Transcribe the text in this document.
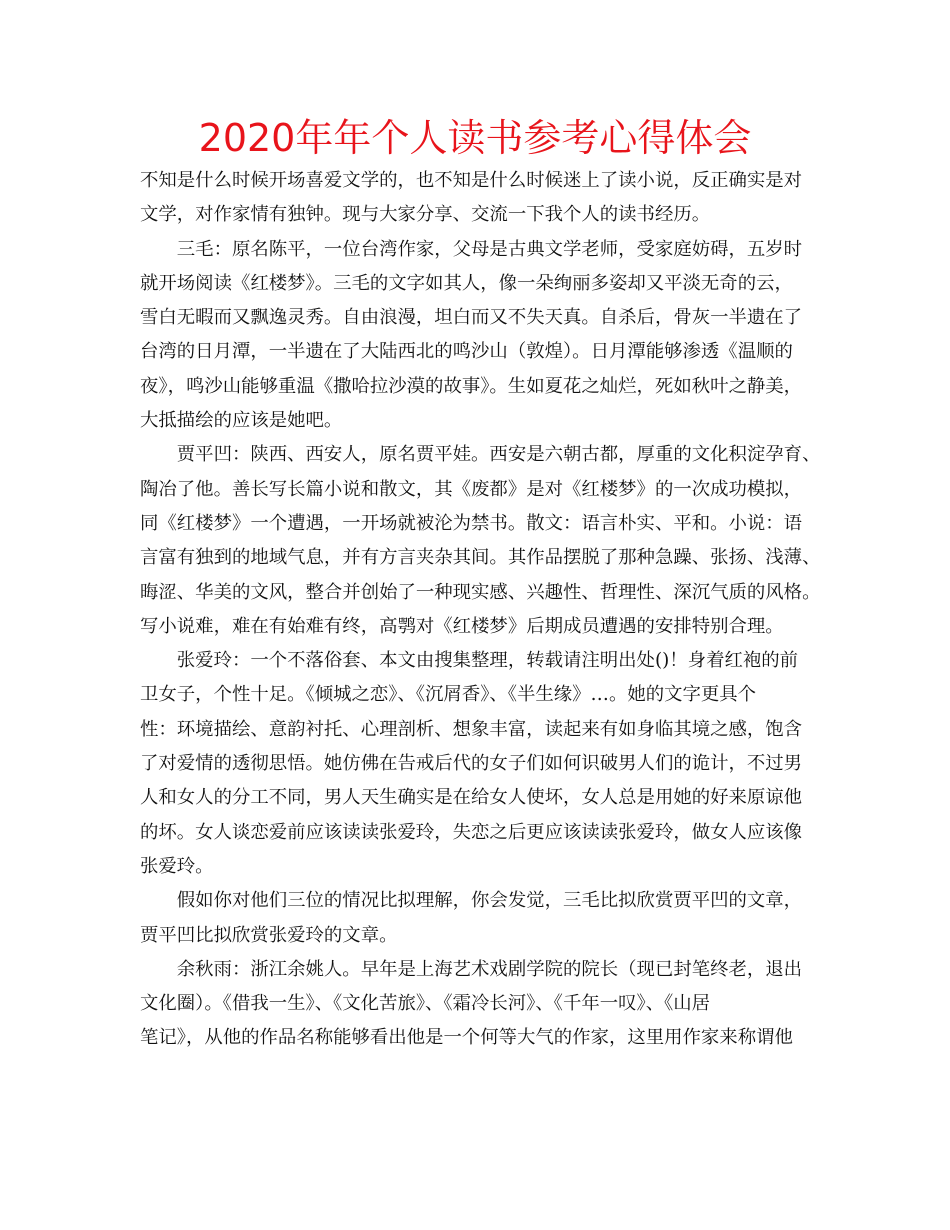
2020年年个人读书参考心得体会
不知是什么时候开场喜爱文学的，也不知是什么时候迷上了读小说，反正确实是对
文学，对作家情有独钟。现与大家分享、交流一下我个人的读书经历。
　　三毛：原名陈平，一位台湾作家，父母是古典文学老师，受家庭妨碍，五岁时
就开场阅读《红楼梦》。三毛的文字如其人，像一朵绚丽多姿却又平淡无奇的云，
雪白无暇而又飘逸灵秀。自由浪漫，坦白而又不失天真。自杀后，骨灰一半遗在了
台湾的日月潭，一半遗在了大陆西北的鸣沙山（敦煌）。日月潭能够渗透《温顺的
夜》，鸣沙山能够重温《撒哈拉沙漠的故事》。生如夏花之灿烂，死如秋叶之静美，
大抵描绘的应该是她吧。
　　贾平凹：陕西、西安人，原名贾平娃。西安是六朝古都，厚重的文化积淀孕育、
陶冶了他。善长写长篇小说和散文，其《废都》是对《红楼梦》的一次成功模拟，
同《红楼梦》一个遭遇，一开场就被沦为禁书。散文：语言朴实、平和。小说：语
言富有独到的地域气息，并有方言夹杂其间。其作品摆脱了那种急躁、张扬、浅薄、
晦涩、华美的文风，整合并创始了一种现实感、兴趣性、哲理性、深沉气质的风格。
写小说难，难在有始难有终，高鹗对《红楼梦》后期成员遭遇的安排特别合理。
　　张爱玲：一个不落俗套、本文由搜集整理，转载请注明出处()！身着红袍的前
卫女子，个性十足。《倾城之恋》、《沉屑香》、《半生缘》…。她的文字更具个
性：环境描绘、意韵衬托、心理剖析、想象丰富，读起来有如身临其境之感，饱含
了对爱情的透彻思悟。她仿佛在告戒后代的女子们如何识破男人们的诡计，不过男
人和女人的分工不同，男人天生确实是在给女人使坏，女人总是用她的好来原谅他
的坏。女人谈恋爱前应该读读张爱玲，失恋之后更应该读读张爱玲，做女人应该像
张爱玲。
　　假如你对他们三位的情况比拟理解，你会发觉，三毛比拟欣赏贾平凹的文章，
贾平凹比拟欣赏张爱玲的文章。
　　余秋雨：浙江余姚人。早年是上海艺术戏剧学院的院长（现已封笔终老，退出
文化圈）。《借我一生》、《文化苦旅》、《霜冷长河》、《千年一叹》、《山居
笔记》，从他的作品名称能够看出他是一个何等大气的作家，这里用作家来称谓他
